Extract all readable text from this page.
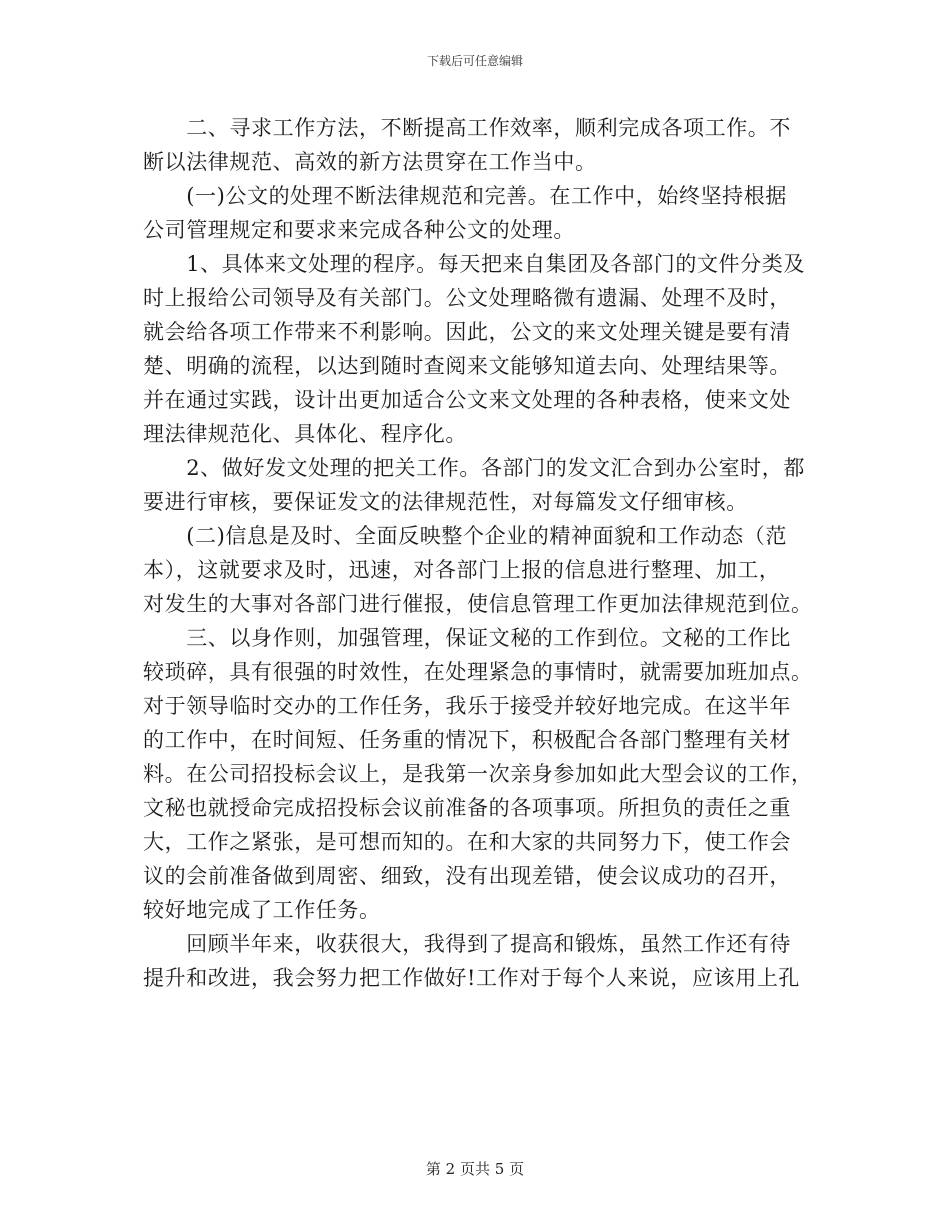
下载后可任意编辑
　　二、寻求工作方法，不断提高工作效率，顺利完成各项工作。不
断以法律规范、高效的新方法贯穿在工作当中。
　　(一)公文的处理不断法律规范和完善。在工作中，始终坚持根据
公司管理规定和要求来完成各种公文的处理。
　　1、具体来文处理的程序。每天把来自集团及各部门的文件分类及
时上报给公司领导及有关部门。公文处理略微有遗漏、处理不及时，
就会给各项工作带来不利影响。因此，公文的来文处理关键是要有清
楚、明确的流程，以达到随时查阅来文能够知道去向、处理结果等。
并在通过实践，设计出更加适合公文来文处理的各种表格，使来文处
理法律规范化、具体化、程序化。
　　2、做好发文处理的把关工作。各部门的发文汇合到办公室时，都
要进行审核，要保证发文的法律规范性，对每篇发文仔细审核。
　　(二)信息是及时、全面反映整个企业的精神面貌和工作动态（范
本），这就要求及时，迅速，对各部门上报的信息进行整理、加工，
对发生的大事对各部门进行催报，使信息管理工作更加法律规范到位。
　　三、以身作则，加强管理，保证文秘的工作到位。文秘的工作比
较琐碎，具有很强的时效性，在处理紧急的事情时，就需要加班加点。
对于领导临时交办的工作任务，我乐于接受并较好地完成。在这半年
的工作中，在时间短、任务重的情况下，积极配合各部门整理有关材
料。在公司招投标会议上，是我第一次亲身参加如此大型会议的工作，
文秘也就授命完成招投标会议前准备的各项事项。所担负的责任之重
大，工作之紧张，是可想而知的。在和大家的共同努力下，使工作会
议的会前准备做到周密、细致，没有出现差错，使会议成功的召开，
较好地完成了工作任务。
　　回顾半年来，收获很大，我得到了提高和锻炼，虽然工作还有待
提升和改进，我会努力把工作做好!工作对于每个人来说，应该用上孔
第 2 页共 5 页
